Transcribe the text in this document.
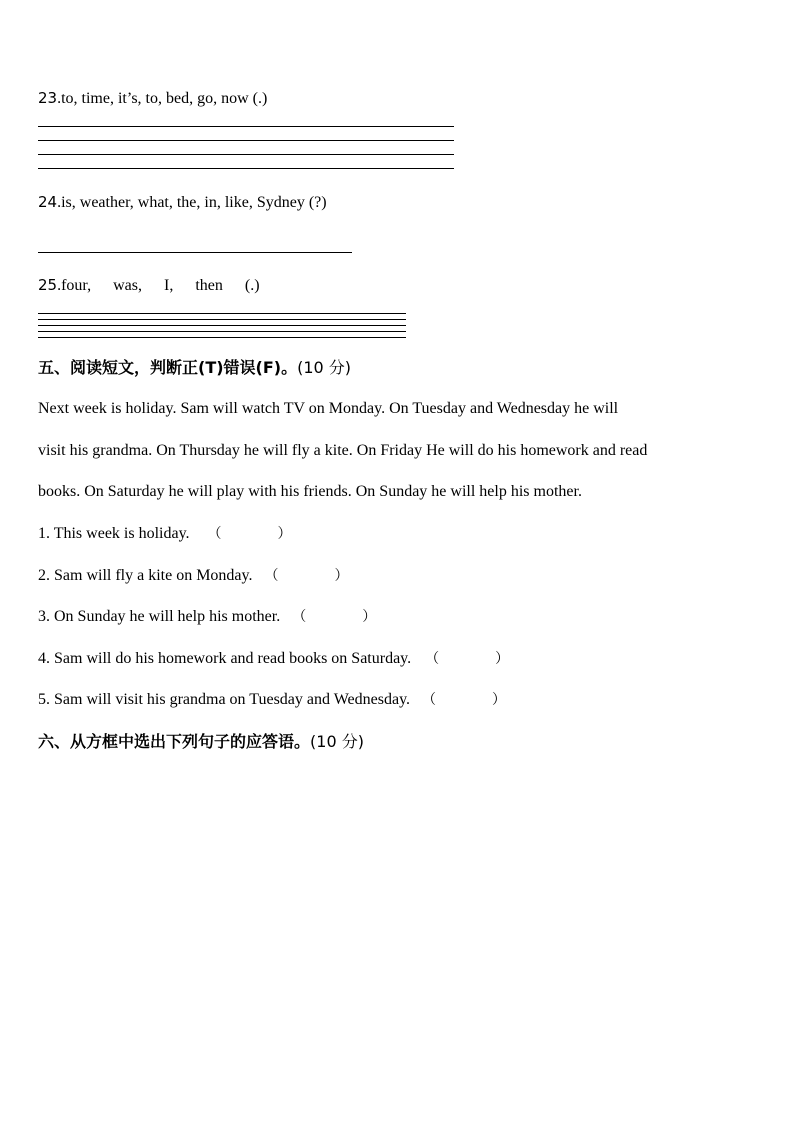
23.to, time, it’s, to, bed, go, now (.)
24.is, weather, what, the, in, like, Sydney (?)
25.four, was, I, then (.)
五、阅读短文，判断正(T)错误(F)。(10 分)
Next week is holiday. Sam will watch TV on Monday. On Tuesday and Wednesday he will
visit his grandma. On Thursday he will fly a kite. On Friday He will do his homework and read
books. On Saturday he will play with his friends. On Sunday he will help his mother.
1. This week is holiday. （	）
2. Sam will fly a kite on Monday. （	）
3. On Sunday he will help his mother. （	）
4. Sam will do his homework and read books on Saturday. （	）
5. Sam will visit his grandma on Tuesday and Wednesday. （	）
六、从方框中选出下列句子的应答语。(10 分)
